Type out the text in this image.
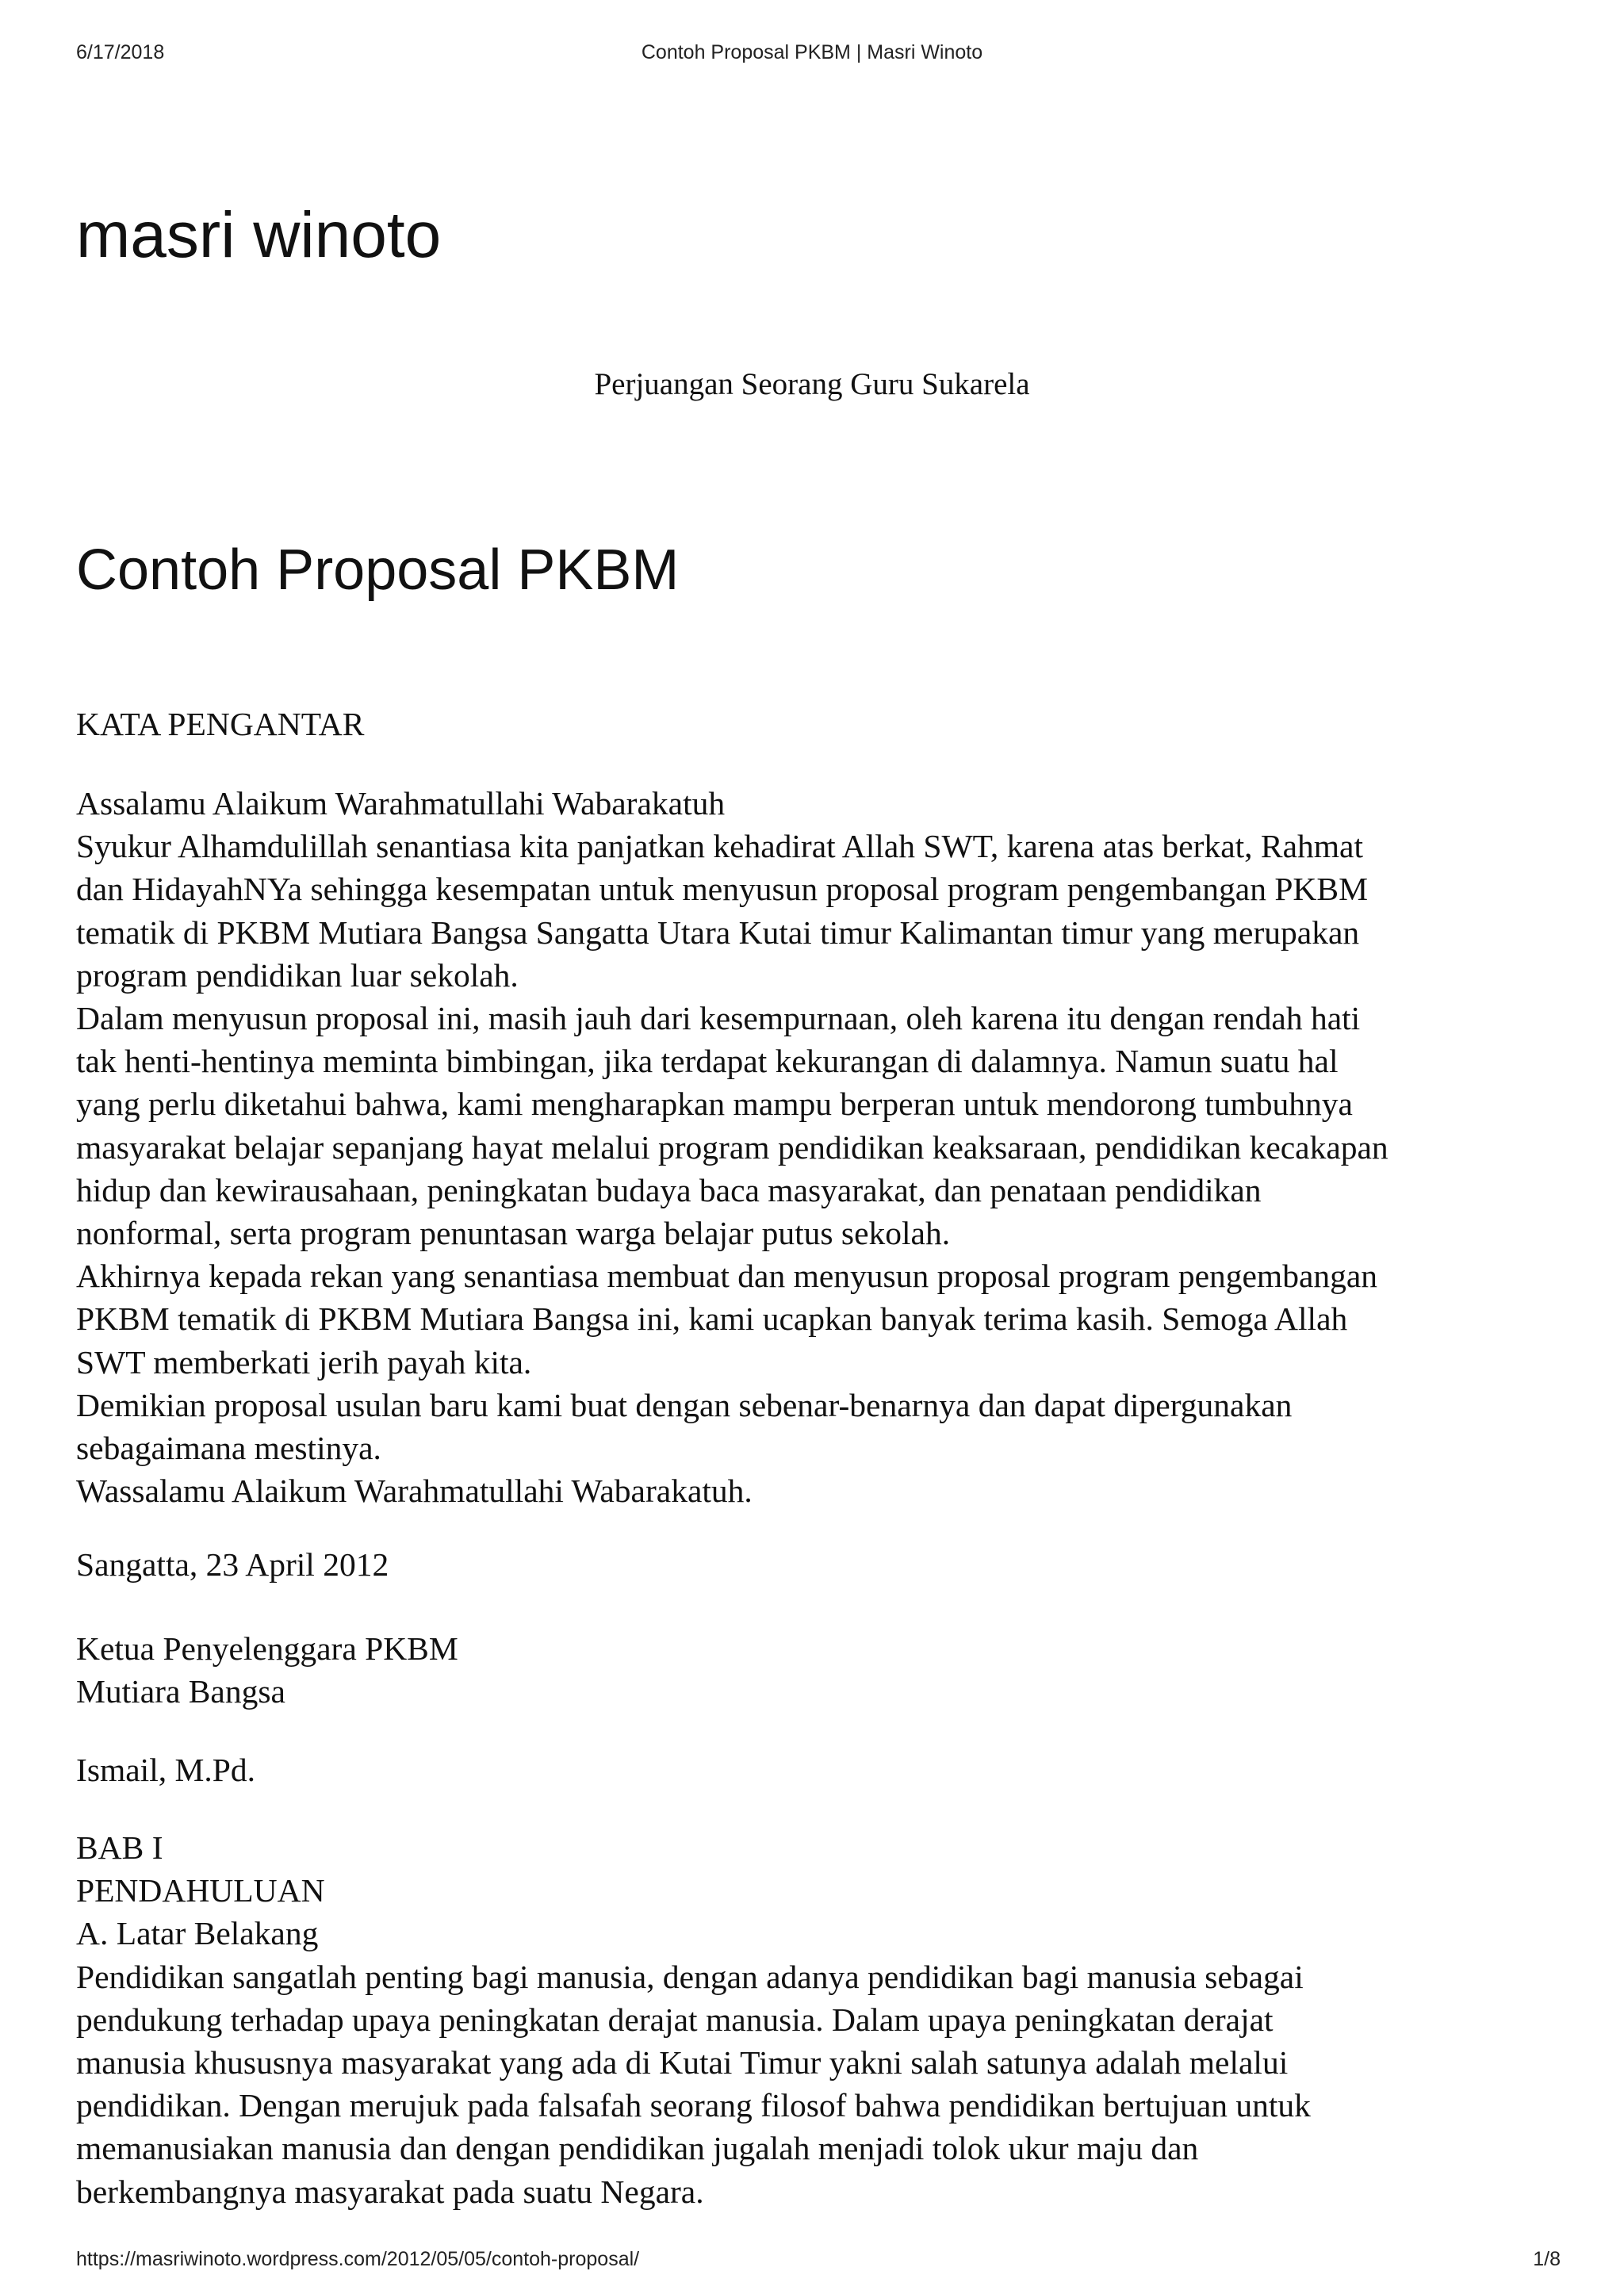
6/17/2018	Contoh Proposal PKBM | Masri Winoto
masri winoto
Perjuangan Seorang Guru Sukarela
Contoh Proposal PKBM

KATA PENGANTAR

Assalamu Alaikum Warahmatullahi Wabarakatuh

Syukur Alhamdulillah senantiasa kita panjatkan kehadirat Allah SWT, karena atas berkat, Rahmat

dan HidayahNYa sehingga kesempatan untuk menyusun proposal program pengembangan PKBM

tematik di PKBM Mutiara Bangsa Sangatta Utara Kutai timur Kalimantan timur yang merupakan

program pendidikan luar sekolah.

Dalam menyusun proposal ini, masih jauh dari kesempurnaan, oleh karena itu dengan rendah hati

tak henti-hentinya meminta bimbingan, jika terdapat kekurangan di dalamnya. Namun suatu hal

yang perlu diketahui bahwa, kami mengharapkan mampu berperan untuk mendorong tumbuhnya

masyarakat belajar sepanjang hayat melalui program pendidikan keaksaraan, pendidikan kecakapan

hidup dan kewirausahaan, peningkatan budaya baca masyarakat, dan penataan pendidikan

nonformal, serta program penuntasan warga belajar putus sekolah.

Akhirnya kepada rekan yang senantiasa membuat dan menyusun proposal program pengembangan

PKBM tematik di PKBM Mutiara Bangsa ini, kami ucapkan banyak terima kasih. Semoga Allah

SWT memberkati jerih payah kita.

Demikian proposal usulan baru kami buat dengan sebenar-benarnya dan dapat dipergunakan

sebagaimana mestinya.

Wassalamu Alaikum Warahmatullahi Wabarakatuh.

Sangatta, 23 April 2012

Ketua Penyelenggara PKBM

Mutiara Bangsa

Ismail, M.Pd.

BAB I

PENDAHULUAN

A. Latar Belakang

Pendidikan sangatlah penting bagi manusia, dengan adanya pendidikan bagi manusia sebagai

pendukung terhadap upaya peningkatan derajat manusia. Dalam upaya peningkatan derajat

manusia khususnya masyarakat yang ada di Kutai Timur yakni salah satunya adalah melalui

pendidikan. Dengan merujuk pada falsafah seorang filosof bahwa pendidikan bertujuan untuk

memanusiakan manusia dan dengan pendidikan jugalah menjadi tolok ukur maju dan

berkembangnya masyarakat pada suatu Negara.

https://masriwinoto.wordpress.com/2012/05/05/contoh-proposal/	1/8
